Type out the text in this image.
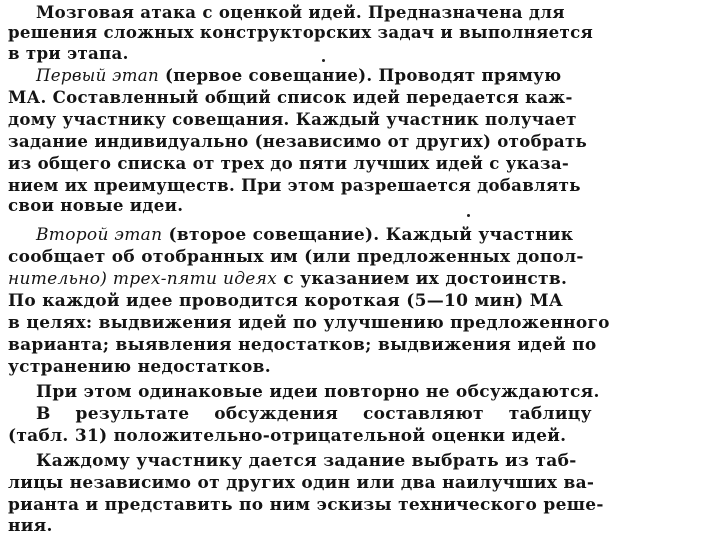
Мозговая атака с оценкой идей. Предназначена для
решения сложных конструкторских задач и выполняется
в три этапа.
Первый этап (первое совещание). Проводят прямую
МА. Составленный общий список идей передается каж-
дому участнику совещания. Каждый участник получает
задание индивидуально (независимо от других) отобрать
из общего списка от трех до пяти лучших идей с указа-
нием их преимуществ. При этом разрешается добавлять
свои новые идеи.
Второй этап (второе совещание). Каждый участник
сообщает об отобранных им (или предложенных допол-
нительно) трех-пяти идеях с указанием их достоинств.
По каждой идее проводится короткая (5—10 мин) МА
в целях: выдвижения идей по улучшению предложенного
варианта; выявления недостатков; выдвижения идей по
устранению недостатков.
При этом одинаковые идеи повторно не обсуждаются.
В    результате    обсуждения    составляют    таблицу
(табл. 31) положительно-отрицательной оценки идей.
Каждому участнику дается задание выбрать из таб-
лицы независимо от других один или два наилучших ва-
рианта и представить по ним эскизы технического реше-
ния.
